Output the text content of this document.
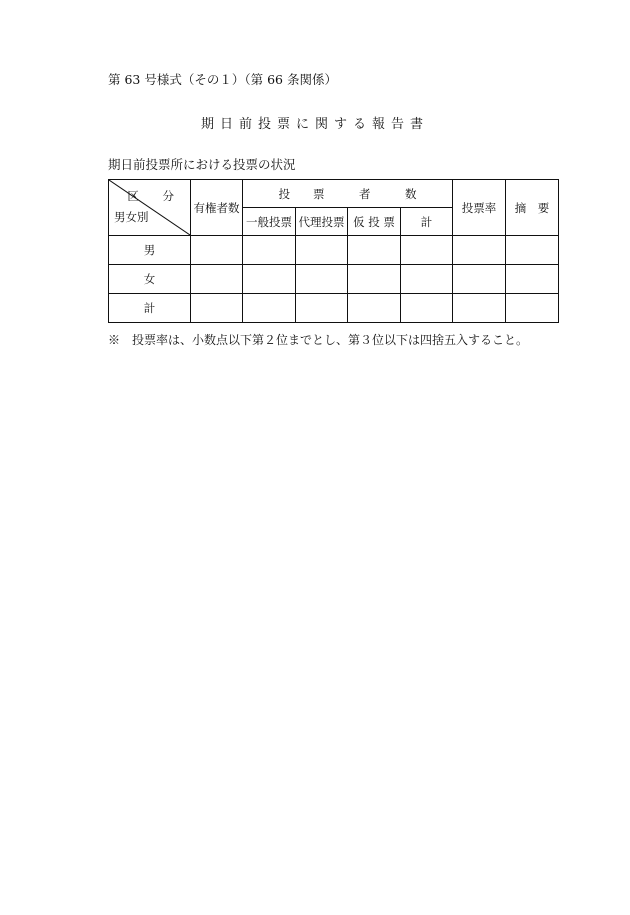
第 63 号様式（その１）（第 66 条関係）
期日前投票に関する報告書
期日前投票所における投票の状況
区 分
男女別	有権者数	投　　票　　　者　　　数				投票率	摘　要
		一般投票	代理投票	仮 投 票	計		
男							
女							
計							
※　投票率は、小数点以下第２位までとし、第３位以下は四捨五入すること。
